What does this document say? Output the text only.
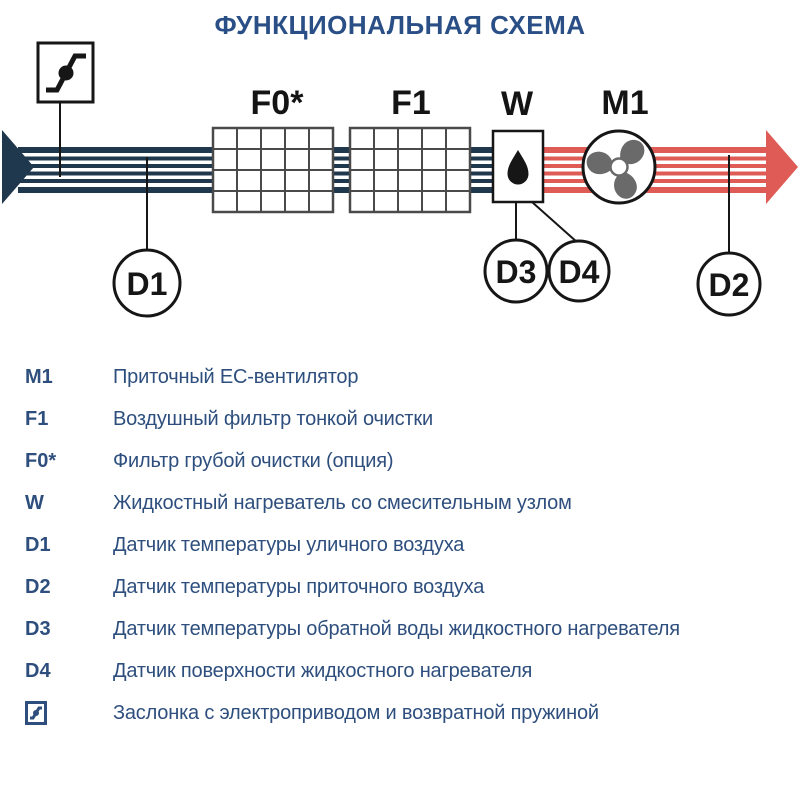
ФУНКЦИОНАЛЬНАЯ СХЕМА
D1	D3 D4	D2
F0*	F1 W M1
M1	Приточный EC-вентилятор
F1	Воздушный фильтр тонкой очистки
F0*	Фильтр грубой очистки (опция)
W	Жидкостный нагреватель со смесительным узлом
D1	Датчик температуры уличного воздуха
D2	Датчик температуры приточного воздуха
D3	Датчик температуры обратной воды жидкостного нагревателя
D4	Датчик поверхности жидкостного нагревателя
Заслонка с электроприводом и возвратной пружиной
